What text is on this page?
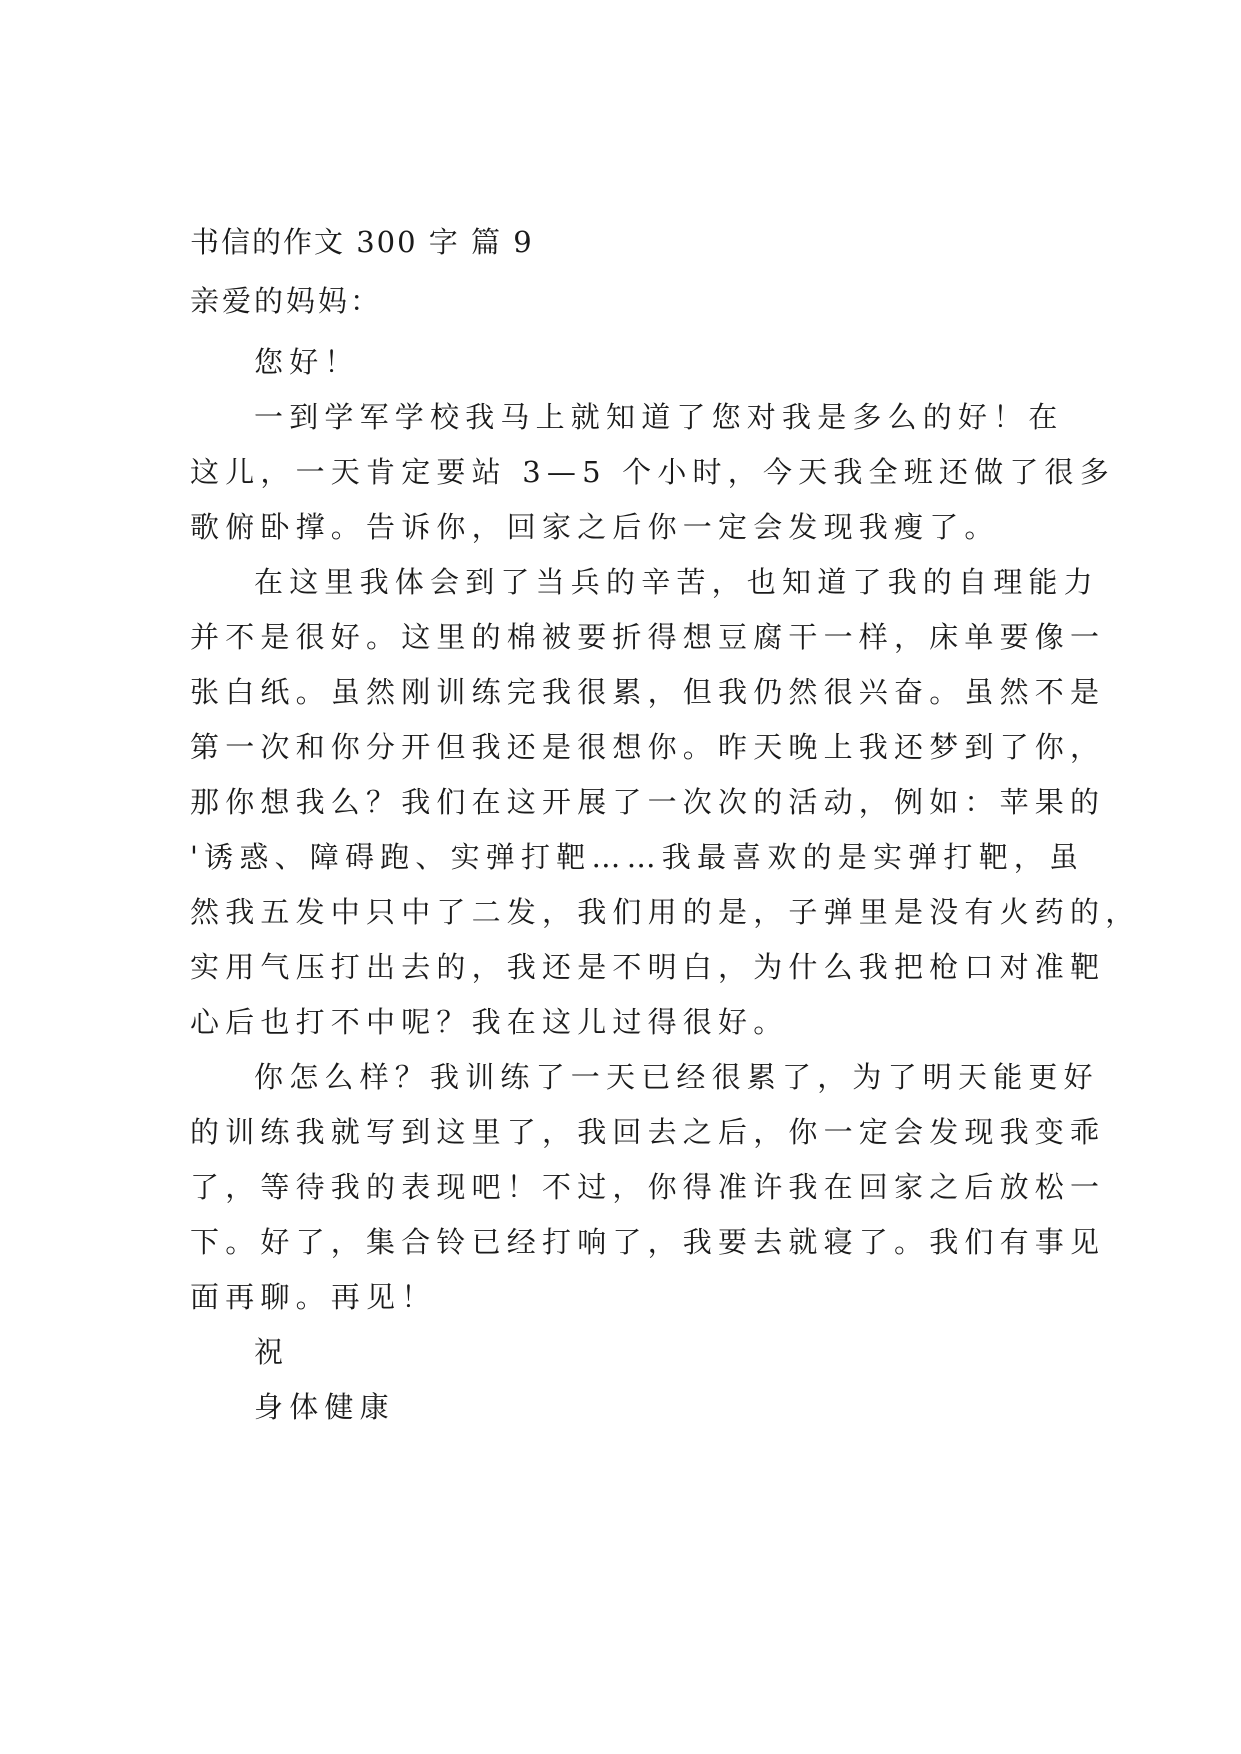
书信的作文 300 字 篇 9
亲爱的妈妈：
您好！
一到学军学校我马上就知道了您对我是多么的好！在
这儿，一天肯定要站 3—5 个小时，今天我全班还做了很多
歌俯卧撑。告诉你，回家之后你一定会发现我瘦了。
在这里我体会到了当兵的辛苦，也知道了我的自理能力
并不是很好。这里的棉被要折得想豆腐干一样，床单要像一
张白纸。虽然刚训练完我很累，但我仍然很兴奋。虽然不是
第一次和你分开但我还是很想你。昨天晚上我还梦到了你，
那你想我么？我们在这开展了一次次的活动，例如：苹果的
'诱惑、障碍跑、实弹打靶……我最喜欢的是实弹打靶，虽
然我五发中只中了二发，我们用的是，子弹里是没有火药的，
实用气压打出去的，我还是不明白，为什么我把枪口对准靶
心后也打不中呢？我在这儿过得很好。
你怎么样？我训练了一天已经很累了，为了明天能更好
的训练我就写到这里了，我回去之后，你一定会发现我变乖
了，等待我的表现吧！不过，你得准许我在回家之后放松一
下。好了，集合铃已经打响了，我要去就寝了。我们有事见
面再聊。再见！
祝
身体健康
